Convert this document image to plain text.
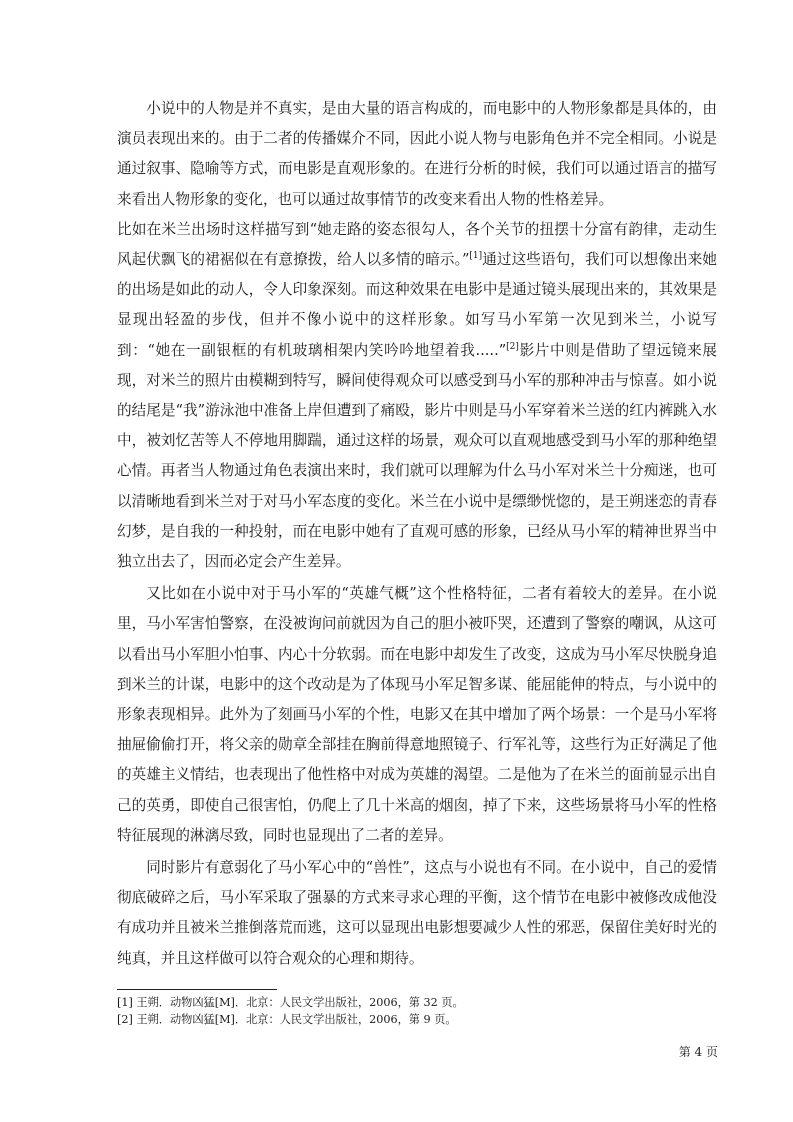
小说中的人物是并不真实，是由大量的语言构成的，而电影中的人物形象都是具体的，由演员表现出来的。由于二者的传播媒介不同，因此小说人物与电影角色并不完全相同。小说是通过叙事、隐喻等方式，而电影是直观形象的。在进行分析的时候，我们可以通过语言的描写来看出人物形象的变化，也可以通过故事情节的改变来看出人物的性格差异。

比如在米兰出场时这样描写到“她走路的姿态很勾人，各个关节的扭摆十分富有韵律，走动生风起伏飘飞的裙裾似在有意撩拨，给人以多情的暗示。”[1]通过这些语句，我们可以想像出来她的出场是如此的动人，令人印象深刻。而这种效果在电影中是通过镜头展现出来的，其效果是显现出轻盈的步伐，但并不像小说中的这样形象。如写马小军第一次见到米兰，小说写到：“她在一副银框的有机玻璃相架内笑吟吟地望着我.....”[2]影片中则是借助了望远镜来展现，对米兰的照片由模糊到特写，瞬间使得观众可以感受到马小军的那种冲击与惊喜。如小说的结尾是“我”游泳池中准备上岸但遭到了痛殴，影片中则是马小军穿着米兰送的红内裤跳入水中，被刘忆苦等人不停地用脚踹，通过这样的场景，观众可以直观地感受到马小军的那种绝望心情。再者当人物通过角色表演出来时，我们就可以理解为什么马小军对米兰十分痴迷，也可以清晰地看到米兰对于对马小军态度的变化。米兰在小说中是缥缈恍惚的，是王朔迷恋的青春幻梦，是自我的一种投射，而在电影中她有了直观可感的形象，已经从马小军的精神世界当中独立出去了，因而必定会产生差异。

又比如在小说中对于马小军的“英雄气概”这个性格特征，二者有着较大的差异。在小说里，马小军害怕警察，在没被询问前就因为自己的胆小被吓哭，还遭到了警察的嘲讽，从这可以看出马小军胆小怕事、内心十分软弱。而在电影中却发生了改变，这成为马小军尽快脱身追到米兰的计谋，电影中的这个改动是为了体现马小军足智多谋、能屈能伸的特点，与小说中的形象表现相异。此外为了刻画马小军的个性，电影又在其中增加了两个场景：一个是马小军将抽屉偷偷打开，将父亲的勋章全部挂在胸前得意地照镜子、行军礼等，这些行为正好满足了他的英雄主义情结，也表现出了他性格中对成为英雄的渴望。二是他为了在米兰的面前显示出自己的英勇，即使自己很害怕，仍爬上了几十米高的烟囱，掉了下来，这些场景将马小军的性格特征展现的淋漓尽致，同时也显现出了二者的差异。

同时影片有意弱化了马小军心中的“兽性”，这点与小说也有不同。在小说中，自己的爱情彻底破碎之后，马小军采取了强暴的方式来寻求心理的平衡，这个情节在电影中被修改成他没有成功并且被米兰推倒落荒而逃，这可以显现出电影想要减少人性的邪恶，保留住美好时光的纯真，并且这样做可以符合观众的心理和期待。

[1] 王朔．动物凶猛[M]．北京：人民文学出版社，2006，第 32 页。
[2] 王朔．动物凶猛[M]．北京：人民文学出版社，2006，第 9 页。
第 4 页
